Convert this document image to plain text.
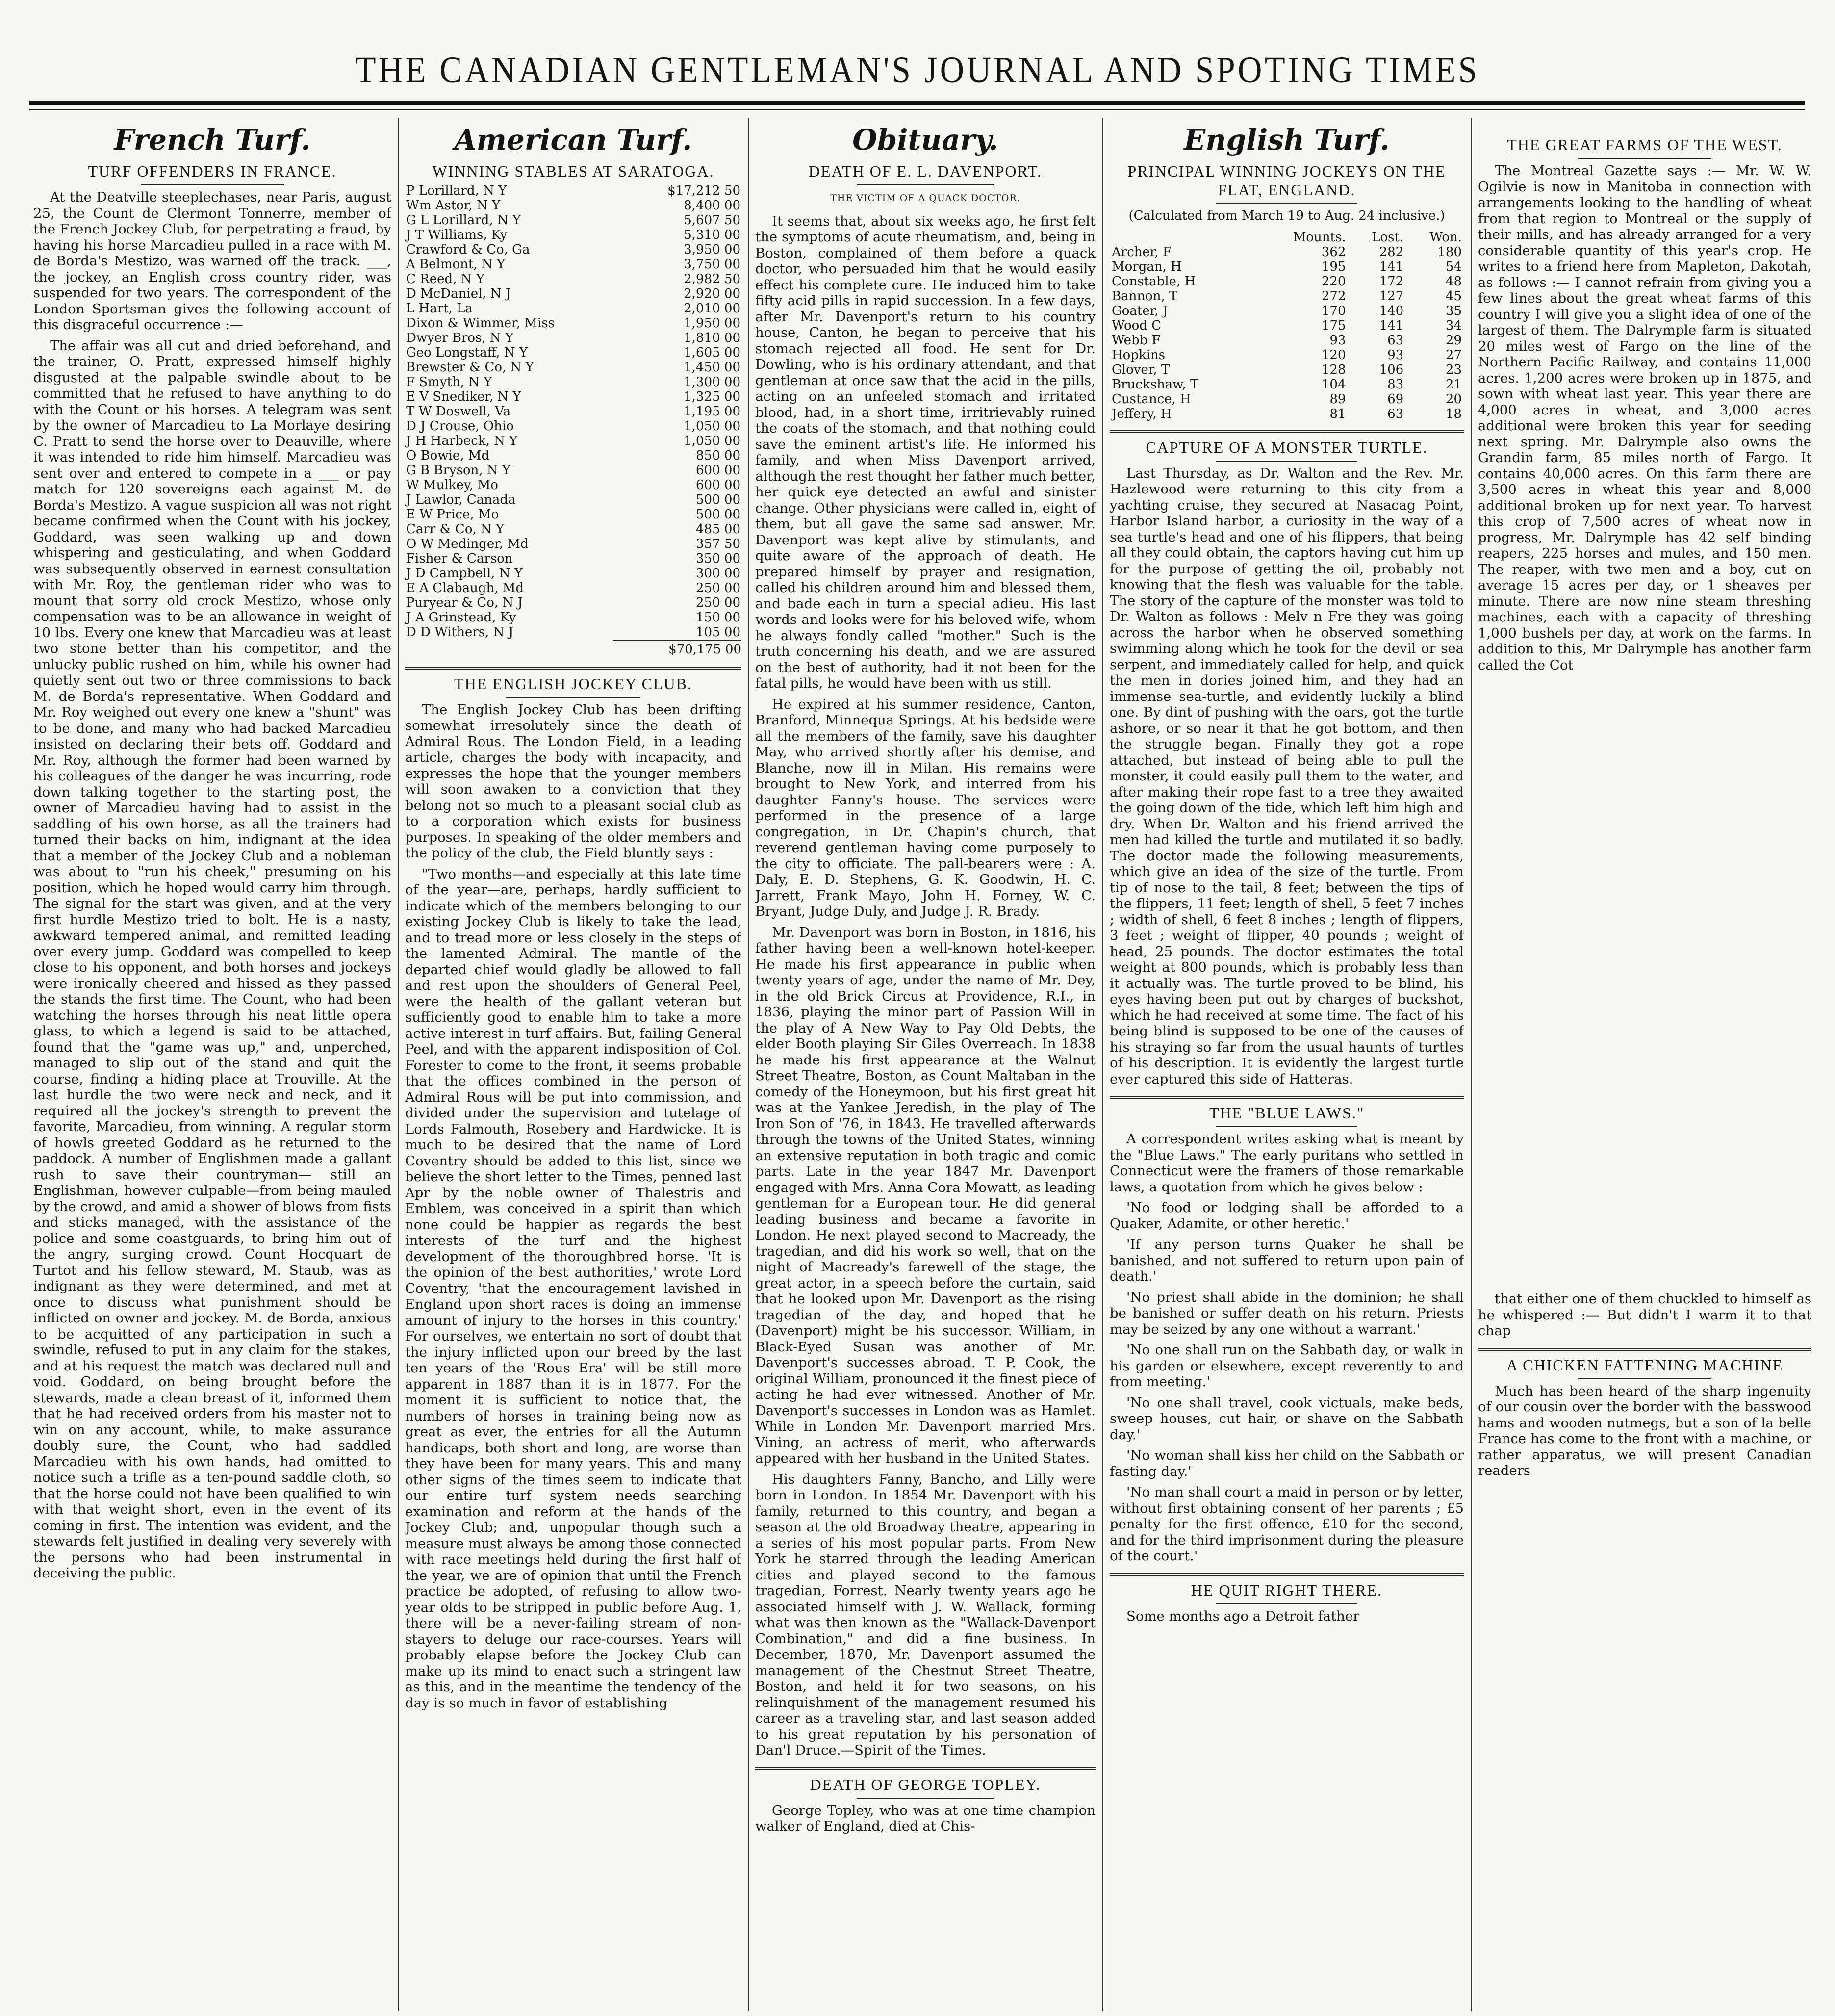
THE CANADIAN GENTLEMAN'S JOURNAL AND SPOTING TIMES
French Turf.
TURF OFFENDERS IN FRANCE.

At the Deatville steeplechases, near Paris, august 25, the Count de Clermont Tonnerre, member of the French Jockey Club, for perpetrating a fraud, by having his horse Marcadieu pulled in a race with M. de Borda's Mestizo, was warned off the track. ___, the jockey, an English cross country rider, was suspended for two years. The correspondent of the London Sportsman gives the following account of this disgraceful occurrence :—

The affair was all cut and dried beforehand, and the trainer, O. Pratt, expressed himself highly disgusted at the palpable swindle about to be committed that he refused to have anything to do with the Count or his horses. A telegram was sent by the owner of Marcadieu to La Morlaye desiring C. Pratt to send the horse over to Deauville, where it was intended to ride him himself. Marcadieu was sent over and entered to compete in a ___ or pay match for 120 sovereigns each against M. de Borda's Mestizo. A vague suspicion all was not right became confirmed when the Count with his jockey, Goddard, was seen walking up and down whispering and gesticulating, and when Goddard was subsequently observed in earnest consultation with Mr. Roy, the gentleman rider who was to mount that sorry old crock Mestizo, whose only compensation was to be an allowance in weight of 10 lbs. Every one knew that Marcadieu was at least two stone better than his competitor, and the unlucky public rushed on him, while his owner had quietly sent out two or three commissions to back M. de Borda's representative. When Goddard and Mr. Roy weighed out every one knew a "shunt" was to be done, and many who had backed Marcadieu insisted on declaring their bets off. Goddard and Mr. Roy, although the former had been warned by his colleagues of the danger he was incurring, rode down talking together to the starting post, the owner of Marcadieu having had to assist in the saddling of his own horse, as all the trainers had turned their backs on him, indignant at the idea that a member of the Jockey Club and a nobleman was about to "run his cheek," presuming on his position, which he hoped would carry him through. The signal for the start was given, and at the very first hurdle Mestizo tried to bolt. He is a nasty, awkward tempered animal, and remitted leading over every jump. Goddard was compelled to keep close to his opponent, and both horses and jockeys were ironically cheered and hissed as they passed the stands the first time. The Count, who had been watching the horses through his neat little opera glass, to which a legend is said to be attached, found that the "game was up," and, unperched, managed to slip out of the stand and quit the course, finding a hiding place at Trouville. At the last hurdle the two were neck and neck, and it required all the jockey's strength to prevent the favorite, Marcadieu, from winning. A regular storm of howls greeted Goddard as he returned to the paddock. A number of Englishmen made a gallant rush to save their countryman— still an Englishman, however culpable—from being mauled by the crowd, and amid a shower of blows from fists and sticks managed, with the assistance of the police and some coastguards, to bring him out of the angry, surging crowd. Count Hocquart de Turtot and his fellow steward, M. Staub, was as indignant as they were determined, and met at once to discuss what punishment should be inflicted on owner and jockey. M. de Borda, anxious to be acquitted of any participation in such a swindle, refused to put in any claim for the stakes, and at his request the match was declared null and void. Goddard, on being brought before the stewards, made a clean breast of it, informed them that he had received orders from his master not to win on any account, while, to make assurance doubly sure, the Count, who had saddled Marcadieu with his own hands, had omitted to notice such a trifle as a ten-pound saddle cloth, so that the horse could not have been qualified to win with that weight short, even in the event of its coming in first. The intention was evident, and the stewards felt justified in dealing very severely with the persons who had been instrumental in deceiving the public.

American Turf.
WINNING STABLES AT SARATOGA.
P Lorillard, N Y	$17,212 50
Wm Astor, N Y	8,400 00
G L Lorillard, N Y	5,607 50
J T Williams, Ky	5,310 00
Crawford & Co, Ga	3,950 00
A Belmont, N Y	3,750 00
C Reed, N Y	2,982 50
D McDaniel, N J	2,920 00
L Hart, La	2,010 00
Dixon & Wimmer, Miss	1,950 00
Dwyer Bros, N Y	1,810 00
Geo Longstaff, N Y	1,605 00
Brewster & Co, N Y	1,450 00
F Smyth, N Y	1,300 00
E V Snediker, N Y	1,325 00
T W Doswell, Va	1,195 00
D J Crouse, Ohio	1,050 00
J H Harbeck, N Y	1,050 00
O Bowie, Md	850 00
G B Bryson, N Y	600 00
W Mulkey, Mo	600 00
J Lawlor, Canada	500 00
E W Price, Mo	500 00
Carr & Co, N Y	485 00
O W Medinger, Md	357 50
Fisher & Carson	350 00
J D Campbell, N Y	300 00
E A Clabaugh, Md	250 00
Puryear & Co, N J	250 00
J A Grinstead, Ky	150 00
D D Withers, N J	105 00
$70,175 00
THE ENGLISH JOCKEY CLUB.

The English Jockey Club has been drifting somewhat irresolutely since the death of Admiral Rous. The London Field, in a leading article, charges the body with incapacity, and expresses the hope that the younger members will soon awaken to a conviction that they belong not so much to a pleasant social club as to a corporation which exists for business purposes. In speaking of the older members and the policy of the club, the Field bluntly says :

"Two months—and especially at this late time of the year—are, perhaps, hardly sufficient to indicate which of the members belonging to our existing Jockey Club is likely to take the lead, and to tread more or less closely in the steps of the lamented Admiral. The mantle of the departed chief would gladly be allowed to fall and rest upon the shoulders of General Peel, were the health of the gallant veteran but sufficiently good to enable him to take a more active interest in turf affairs. But, failing General Peel, and with the apparent indisposition of Col. Forester to come to the front, it seems probable that the offices combined in the person of Admiral Rous will be put into commission, and divided under the supervision and tutelage of Lords Falmouth, Rosebery and Hardwicke. It is much to be desired that the name of Lord Coventry should be added to this list, since we believe the short letter to the Times, penned last Apr by the noble owner of Thalestris and Emblem, was conceived in a spirit than which none could be happier as regards the best interests of the turf and the highest development of the thoroughbred horse. 'It is the opinion of the best authorities,' wrote Lord Coventry, 'that the encouragement lavished in England upon short races is doing an immense amount of injury to the horses in this country.' For ourselves, we entertain no sort of doubt that the injury inflicted upon our breed by the last ten years of the 'Rous Era' will be still more apparent in 1887 than it is in 1877. For the moment it is sufficient to notice that, the numbers of horses in training being now as great as ever, the entries for all the Autumn handicaps, both short and long, are worse than they have been for many years. This and many other signs of the times seem to indicate that our entire turf system needs searching examination and reform at the hands of the Jockey Club; and, unpopular though such a measure must always be among those connected with race meetings held during the first half of the year, we are of opinion that until the French practice be adopted, of refusing to allow two-year olds to be stripped in public before Aug. 1, there will be a never-failing stream of non-stayers to deluge our race-courses. Years will probably elapse before the Jockey Club can make up its mind to enact such a stringent law as this, and in the meantime the tendency of the day is so much in favor of establishing

Obituary.
DEATH OF E. L. DAVENPORT.
THE VICTIM OF A QUACK DOCTOR.

It seems that, about six weeks ago, he first felt the symptoms of acute rheumatism, and, being in Boston, complained of them before a quack doctor, who persuaded him that he would easily effect his complete cure. He induced him to take fifty acid pills in rapid succession. In a few days, after Mr. Davenport's return to his country house, Canton, he began to perceive that his stomach rejected all food. He sent for Dr. Dowling, who is his ordinary attendant, and that gentleman at once saw that the acid in the pills, acting on an unfeeled stomach and irritated blood, had, in a short time, irritrievably ruined the coats of the stomach, and that nothing could save the eminent artist's life. He informed his family, and when Miss Davenport arrived, although the rest thought her father much better, her quick eye detected an awful and sinister change. Other physicians were called in, eight of them, but all gave the same sad answer. Mr. Davenport was kept alive by stimulants, and quite aware of the approach of death. He prepared himself by prayer and resignation, called his children around him and blessed them, and bade each in turn a special adieu. His last words and looks were for his beloved wife, whom he always fondly called "mother." Such is the truth concerning his death, and we are assured on the best of authority, had it not been for the fatal pills, he would have been with us still.

He expired at his summer residence, Canton, Branford, Minnequa Springs. At his bedside were all the members of the family, save his daughter May, who arrived shortly after his demise, and Blanche, now ill in Milan. His remains were brought to New York, and interred from his daughter Fanny's house. The services were performed in the presence of a large congregation, in Dr. Chapin's church, that reverend gentleman having come purposely to the city to officiate. The pall-bearers were : A. Daly, E. D. Stephens, G. K. Goodwin, H. C. Jarrett, Frank Mayo, John H. Forney, W. C. Bryant, Judge Duly, and Judge J. R. Brady.

Mr. Davenport was born in Boston, in 1816, his father having been a well-known hotel-keeper. He made his first appearance in public when twenty years of age, under the name of Mr. Dey, in the old Brick Circus at Providence, R.I., in 1836, playing the minor part of Passion Will in the play of A New Way to Pay Old Debts, the elder Booth playing Sir Giles Overreach. In 1838 he made his first appearance at the Walnut Street Theatre, Boston, as Count Maltaban in the comedy of the Honeymoon, but his first great hit was at the Yankee Jeredish, in the play of The Iron Son of '76, in 1843. He travelled afterwards through the towns of the United States, winning an extensive reputation in both tragic and comic parts. Late in the year 1847 Mr. Davenport engaged with Mrs. Anna Cora Mowatt, as leading gentleman for a European tour. He did general leading business and became a favorite in London. He next played second to Macready, the tragedian, and did his work so well, that on the night of Macready's farewell of the stage, the great actor, in a speech before the curtain, said that he looked upon Mr. Davenport as the rising tragedian of the day, and hoped that he (Davenport) might be his successor. William, in Black-Eyed Susan was another of Mr. Davenport's successes abroad. T. P. Cook, the original William, pronounced it the finest piece of acting he had ever witnessed. Another of Mr. Davenport's successes in London was as Hamlet. While in London Mr. Davenport married Mrs. Vining, an actress of merit, who afterwards appeared with her husband in the United States.

His daughters Fanny, Bancho, and Lilly were born in London. In 1854 Mr. Davenport with his family, returned to this country, and began a season at the old Broadway theatre, appearing in a series of his most popular parts. From New York he starred through the leading American cities and played second to the famous tragedian, Forrest. Nearly twenty years ago he associated himself with J. W. Wallack, forming what was then known as the "Wallack-Davenport Combination," and did a fine business. In December, 1870, Mr. Davenport assumed the management of the Chestnut Street Theatre, Boston, and held it for two seasons, on his relinquishment of the management resumed his career as a traveling star, and last season added to his great reputation by his personation of Dan'l Druce.—Spirit of the Times.

DEATH OF GEORGE TOPLEY.

George Topley, who was at one time champion walker of England, died at Chis-

English Turf.
PRINCIPAL WINNING JOCKEYS ON THE FLAT, ENGLAND.
(Calculated from March 19 to Aug. 24 inclusive.)
	Mounts.	Lost.	Won.
Archer, F	362	282	180
Morgan, H	195	141	54
Constable, H	220	172	48
Bannon, T	272	127	45
Goater, J	170	140	35
Wood C	175	141	34
Webb F	93	63	29
Hopkins	120	93	27
Glover, T	128	106	23
Bruckshaw, T	104	83	21
Custance, H	89	69	20
Jeffery, H	81	63	18
CAPTURE OF A MONSTER TURTLE.

Last Thursday, as Dr. Walton and the Rev. Mr. Hazlewood were returning to this city from a yachting cruise, they secured at Nasacag Point, Harbor Island harbor, a curiosity in the way of a sea turtle's head and one of his flippers, that being all they could obtain, the captors having cut him up for the purpose of getting the oil, probably not knowing that the flesh was valuable for the table. The story of the capture of the monster was told to Dr. Walton as follows : Melv n Fre they was going across the harbor when he observed something swimming along which he took for the devil or sea serpent, and immediately called for help, and quick the men in dories joined him, and they had an immense sea-turtle, and evidently luckily a blind one. By dint of pushing with the oars, got the turtle ashore, or so near it that he got bottom, and then the struggle began. Finally they got a rope attached, but instead of being able to pull the monster, it could easily pull them to the water, and after making their rope fast to a tree they awaited the going down of the tide, which left him high and dry. When Dr. Walton and his friend arrived the men had killed the turtle and mutilated it so badly. The doctor made the following measurements, which give an idea of the size of the turtle. From tip of nose to the tail, 8 feet; between the tips of the flippers, 11 feet; length of shell, 5 feet 7 inches ; width of shell, 6 feet 8 inches ; length of flippers, 3 feet ; weight of flipper, 40 pounds ; weight of head, 25 pounds. The doctor estimates the total weight at 800 pounds, which is probably less than it actually was. The turtle proved to be blind, his eyes having been put out by charges of buckshot, which he had received at some time. The fact of his being blind is supposed to be one of the causes of his straying so far from the usual haunts of turtles of his description. It is evidently the largest turtle ever captured this side of Hatteras.

THE "BLUE LAWS."

A correspondent writes asking what is meant by the "Blue Laws." The early puritans who settled in Connecticut were the framers of those remarkable laws, a quotation from which he gives below :

'No food or lodging shall be afforded to a Quaker, Adamite, or other heretic.'

'If any person turns Quaker he shall be banished, and not suffered to return upon pain of death.'

'No priest shall abide in the dominion; he shall be banished or suffer death on his return. Priests may be seized by any one without a warrant.'

'No one shall run on the Sabbath day, or walk in his garden or elsewhere, except reverently to and from meeting.'

'No one shall travel, cook victuals, make beds, sweep houses, cut hair, or shave on the Sabbath day.'

'No woman shall kiss her child on the Sabbath or fasting day.'

'No man shall court a maid in person or by letter, without first obtaining consent of her parents ; £5 penalty for the first offence, £10 for the second, and for the third imprisonment during the pleasure of the court.'

HE QUIT RIGHT THERE.

Some months ago a Detroit father

THE GREAT FARMS OF THE WEST.

The Montreal Gazette says :— Mr. W. W. Ogilvie is now in Manitoba in connection with arrangements looking to the handling of wheat from that region to Montreal or the supply of their mills, and has already arranged for a very considerable quantity of this year's crop. He writes to a friend here from Mapleton, Dakotah, as follows :— I cannot refrain from giving you a few lines about the great wheat farms of this country I will give you a slight idea of one of the largest of them. The Dalrymple farm is situated 20 miles west of Fargo on the line of the Northern Pacific Railway, and contains 11,000 acres. 1,200 acres were broken up in 1875, and sown with wheat last year. This year there are 4,000 acres in wheat, and 3,000 acres additional were broken this year for seeding next spring. Mr. Dalrymple also owns the Grandin farm, 85 miles north of Fargo. It contains 40,000 acres. On this farm there are 3,500 acres in wheat this year and 8,000 additional broken up for next year. To harvest this crop of 7,500 acres of wheat now in progress, Mr. Dalrymple has 42 self binding reapers, 225 horses and mules, and 150 men. The reaper, with two men and a boy, cut on average 15 acres per day, or 1 sheaves per minute. There are now nine steam threshing machines, each with a capacity of threshing 1,000 bushels per day, at work on the farms. In addition to this, Mr Dalrymple has another farm called the Cot

that either one of them chuckled to himself as he whispered :— But didn't I warm it to that chap

A CHICKEN FATTENING MACHINE

Much has been heard of the sharp ingenuity of our cousin over the border with the basswood hams and wooden nutmegs, but a son of la belle France has come to the front with a machine, or rather apparatus, we will present Canadian readers
